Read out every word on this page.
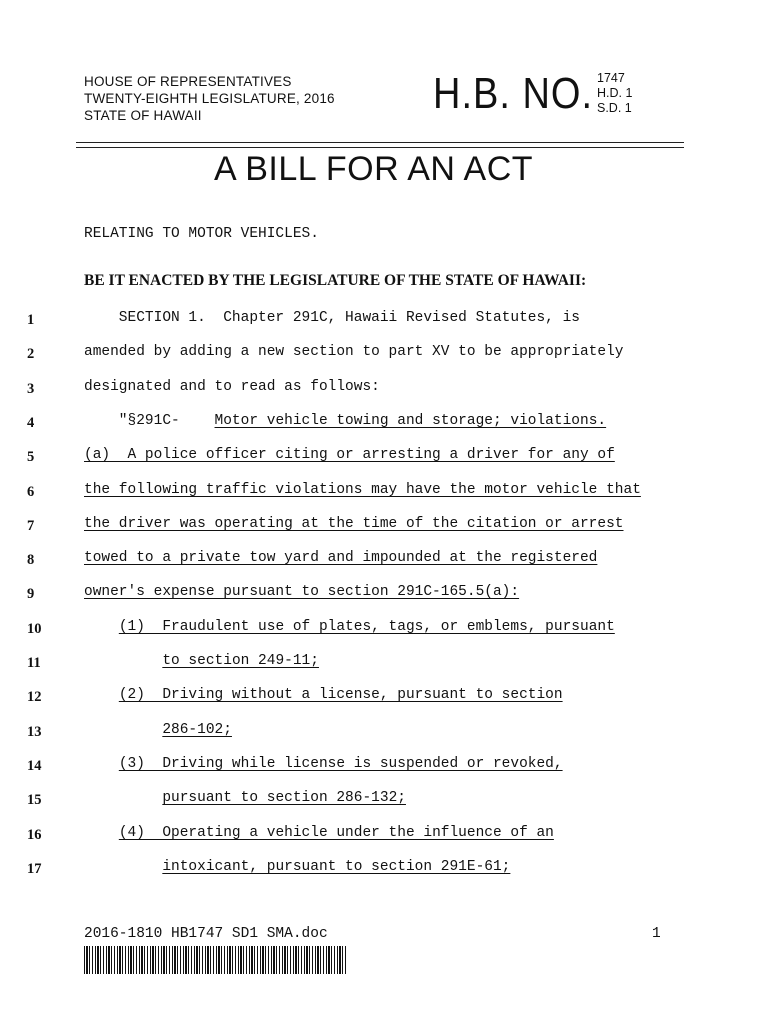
HOUSE OF REPRESENTATIVES
TWENTY-EIGHTH LEGISLATURE, 2016
STATE OF HAWAII	H.B. NO. 1747
H.D. 1
S.D. 1
A BILL FOR AN ACT
RELATING TO MOTOR VEHICLES.
BE IT ENACTED BY THE LEGISLATURE OF THE STATE OF HAWAII:
1	SECTION 1.  Chapter 291C, Hawaii Revised Statutes, is
2	amended by adding a new section to part XV to be appropriately
3	designated and to read as follows:
4	"§291C-    Motor vehicle towing and storage; violations.
5	(a)  A police officer citing or arresting a driver for any of
6	the following traffic violations may have the motor vehicle that
7	the driver was operating at the time of the citation or arrest
8	towed to a private tow yard and impounded at the registered
9	owner's expense pursuant to section 291C-165.5(a):
10	(1)  Fraudulent use of plates, tags, or emblems, pursuant
11	to section 249-11;
12	(2)  Driving without a license, pursuant to section
13	286-102;
14	(3)  Driving while license is suspended or revoked,
15	pursuant to section 286-132;
16	(4)  Operating a vehicle under the influence of an
17	intoxicant, pursuant to section 291E-61;
2016-1810 HB1747 SD1 SMA.doc	1
